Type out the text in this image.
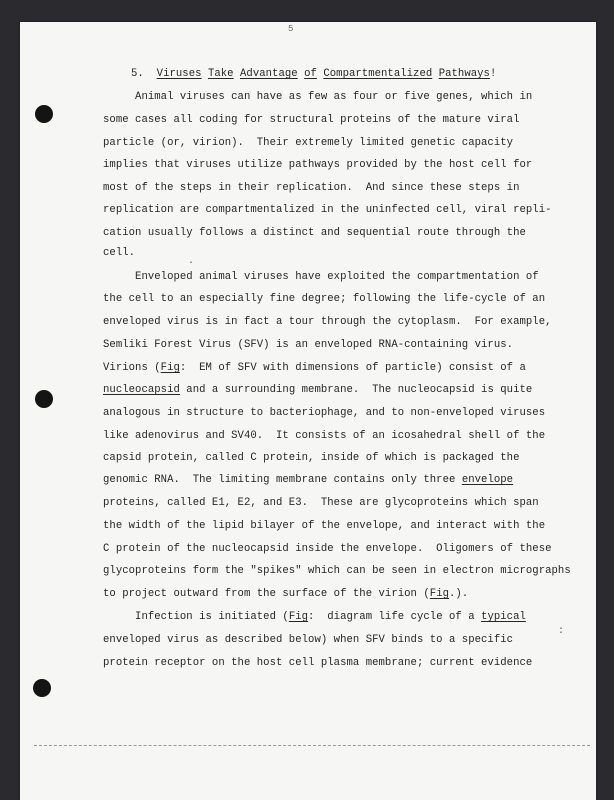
5
5. Viruses Take Advantage of Compartmentalized Pathways!
Animal viruses can have as few as four or five genes, which in
some cases all coding for structural proteins of the mature viral
particle (or, virion).  Their extremely limited genetic capacity
implies that viruses utilize pathways provided by the host cell for
most of the steps in their replication.  And since these steps in
replication are compartmentalized in the uninfected cell, viral repli-
cation usually follows a distinct and sequential route through the
cell.
Enveloped animal viruses have exploited the compartmentation of
the cell to an especially fine degree; following the life-cycle of an
enveloped virus is in fact a tour through the cytoplasm.  For example,
Semliki Forest Virus (SFV) is an enveloped RNA-containing virus.
Virions (Fig:  EM of SFV with dimensions of particle) consist of a
nucleocapsid and a surrounding membrane.  The nucleocapsid is quite
analogous in structure to bacteriophage, and to non-enveloped viruses
like adenovirus and SV40.  It consists of an icosahedral shell of the
capsid protein, called C protein, inside of which is packaged the
genomic RNA.  The limiting membrane contains only three envelope
proteins, called E1, E2, and E3.  These are glycoproteins which span
the width of the lipid bilayer of the envelope, and interact with the
C protein of the nucleocapsid inside the envelope.  Oligomers of these
glycoproteins form the "spikes" which can be seen in electron micrographs
to project outward from the surface of the virion (Fig.).
Infection is initiated (Fig:  diagram life cycle of a typical
enveloped virus as described below) when SFV binds to a specific
protein receptor on the host cell plasma membrane; current evidence
·
:
